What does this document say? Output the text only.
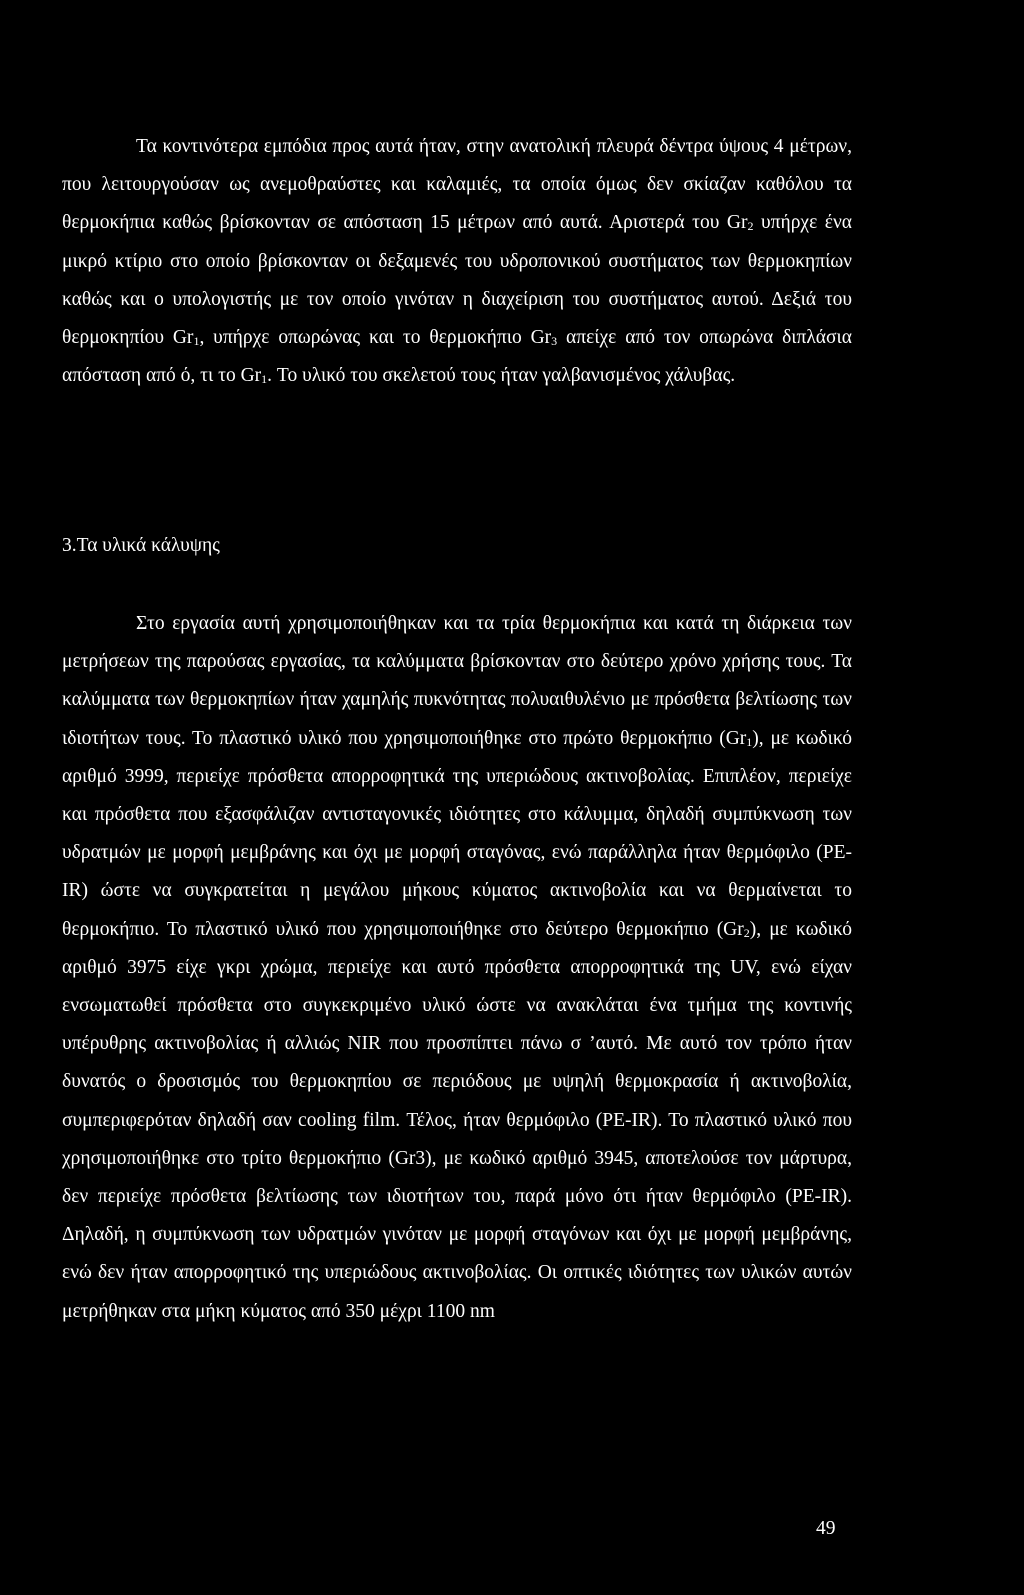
Τα κοντινότερα εμπόδια προς αυτά ήταν, στην ανατολική πλευρά δέντρα ύψους 4 μέτρων, που λειτουργούσαν ως ανεμοθραύστες και καλαμιές, τα οποία όμως δεν σκίαζαν καθόλου τα θερμοκήπια καθώς βρίσκονταν σε απόσταση 15 μέτρων από αυτά. Αριστερά του $Gr_2$ υπήρχε ένα μικρό κτίριο στο οποίο βρίσκονταν οι δεξαμενές του υδροπονικού συστήματος των θερμοκηπίων καθώς και ο υπολογιστής με τον οποίο γινόταν η διαχείριση του συστήματος αυτού. Δεξιά του θερμοκηπίου $Gr_1$, υπήρχε οπωρώνας και το θερμοκήπιο $Gr_3$ απείχε από τον οπωρώνα διπλάσια απόσταση από ό, τι το $Gr_1$. Το υλικό του σκελετού τους ήταν γαλβανισμένος χάλυβας.

3.Τα υλικά κάλυψης

Στο εργασία αυτή χρησιμοποιήθηκαν και τα τρία θερμοκήπια και κατά τη διάρκεια των μετρήσεων της παρούσας εργασίας, τα καλύμματα βρίσκονταν στο δεύτερο χρόνο χρήσης τους. Τα καλύμματα των θερμοκηπίων ήταν χαμηλής πυκνότητας πολυαιθυλένιο με πρόσθετα βελτίωσης των ιδιοτήτων τους. Το πλαστικό υλικό που χρησιμοποιήθηκε στο πρώτο θερμοκήπιο $(Gr_1)$, με κωδικό αριθμό 3999, περιείχε πρόσθετα απορροφητικά της υπεριώδους ακτινοβολίας. Επιπλέον, περιείχε και πρόσθετα που εξασφάλιζαν αντισταγονικές ιδιότητες στο κάλυμμα, δηλαδή συμπύκνωση των υδρατμών με μορφή μεμβράνης και όχι με μορφή σταγόνας, ενώ παράλληλα ήταν θερμόφιλο (PE-IR) ώστε να συγκρατείται η μεγάλου μήκους κύματος ακτινοβολία και να θερμαίνεται το θερμοκήπιο. Το πλαστικό υλικό που χρησιμοποιήθηκε στο δεύτερο θερμοκήπιο $(Gr_2)$, με κωδικό αριθμό 3975 είχε γκρι χρώμα, περιείχε και αυτό πρόσθετα απορροφητικά της UV, ενώ είχαν ενσωματωθεί πρόσθετα στο συγκεκριμένο υλικό ώστε να ανακλάται ένα τμήμα της κοντινής υπέρυθρης ακτινοβολίας ή αλλιώς NIR που προσπίπτει πάνω σ ’αυτό. Με αυτό τον τρόπο ήταν δυνατός ο δροσισμός του θερμοκηπίου σε περιόδους με υψηλή θερμοκρασία ή ακτινοβολία, συμπεριφερόταν δηλαδή σαν cooling film. Τέλος, ήταν θερμόφιλο (PE-IR). Το πλαστικό υλικό που χρησιμοποιήθηκε στο τρίτο θερμοκήπιο (Gr3), με κωδικό αριθμό 3945, αποτελούσε τον μάρτυρα, δεν περιείχε πρόσθετα βελτίωσης των ιδιοτήτων του, παρά μόνο ότι ήταν θερμόφιλο (PE-IR). Δηλαδή, η συμπύκνωση των υδρατμών γινόταν με μορφή σταγόνων και όχι με μορφή μεμβράνης, ενώ δεν ήταν απορροφητικό της υπεριώδους ακτινοβολίας. Οι οπτικές ιδιότητες των υλικών αυτών μετρήθηκαν στα μήκη κύματος από 350 μέχρι 1100 nm

49
